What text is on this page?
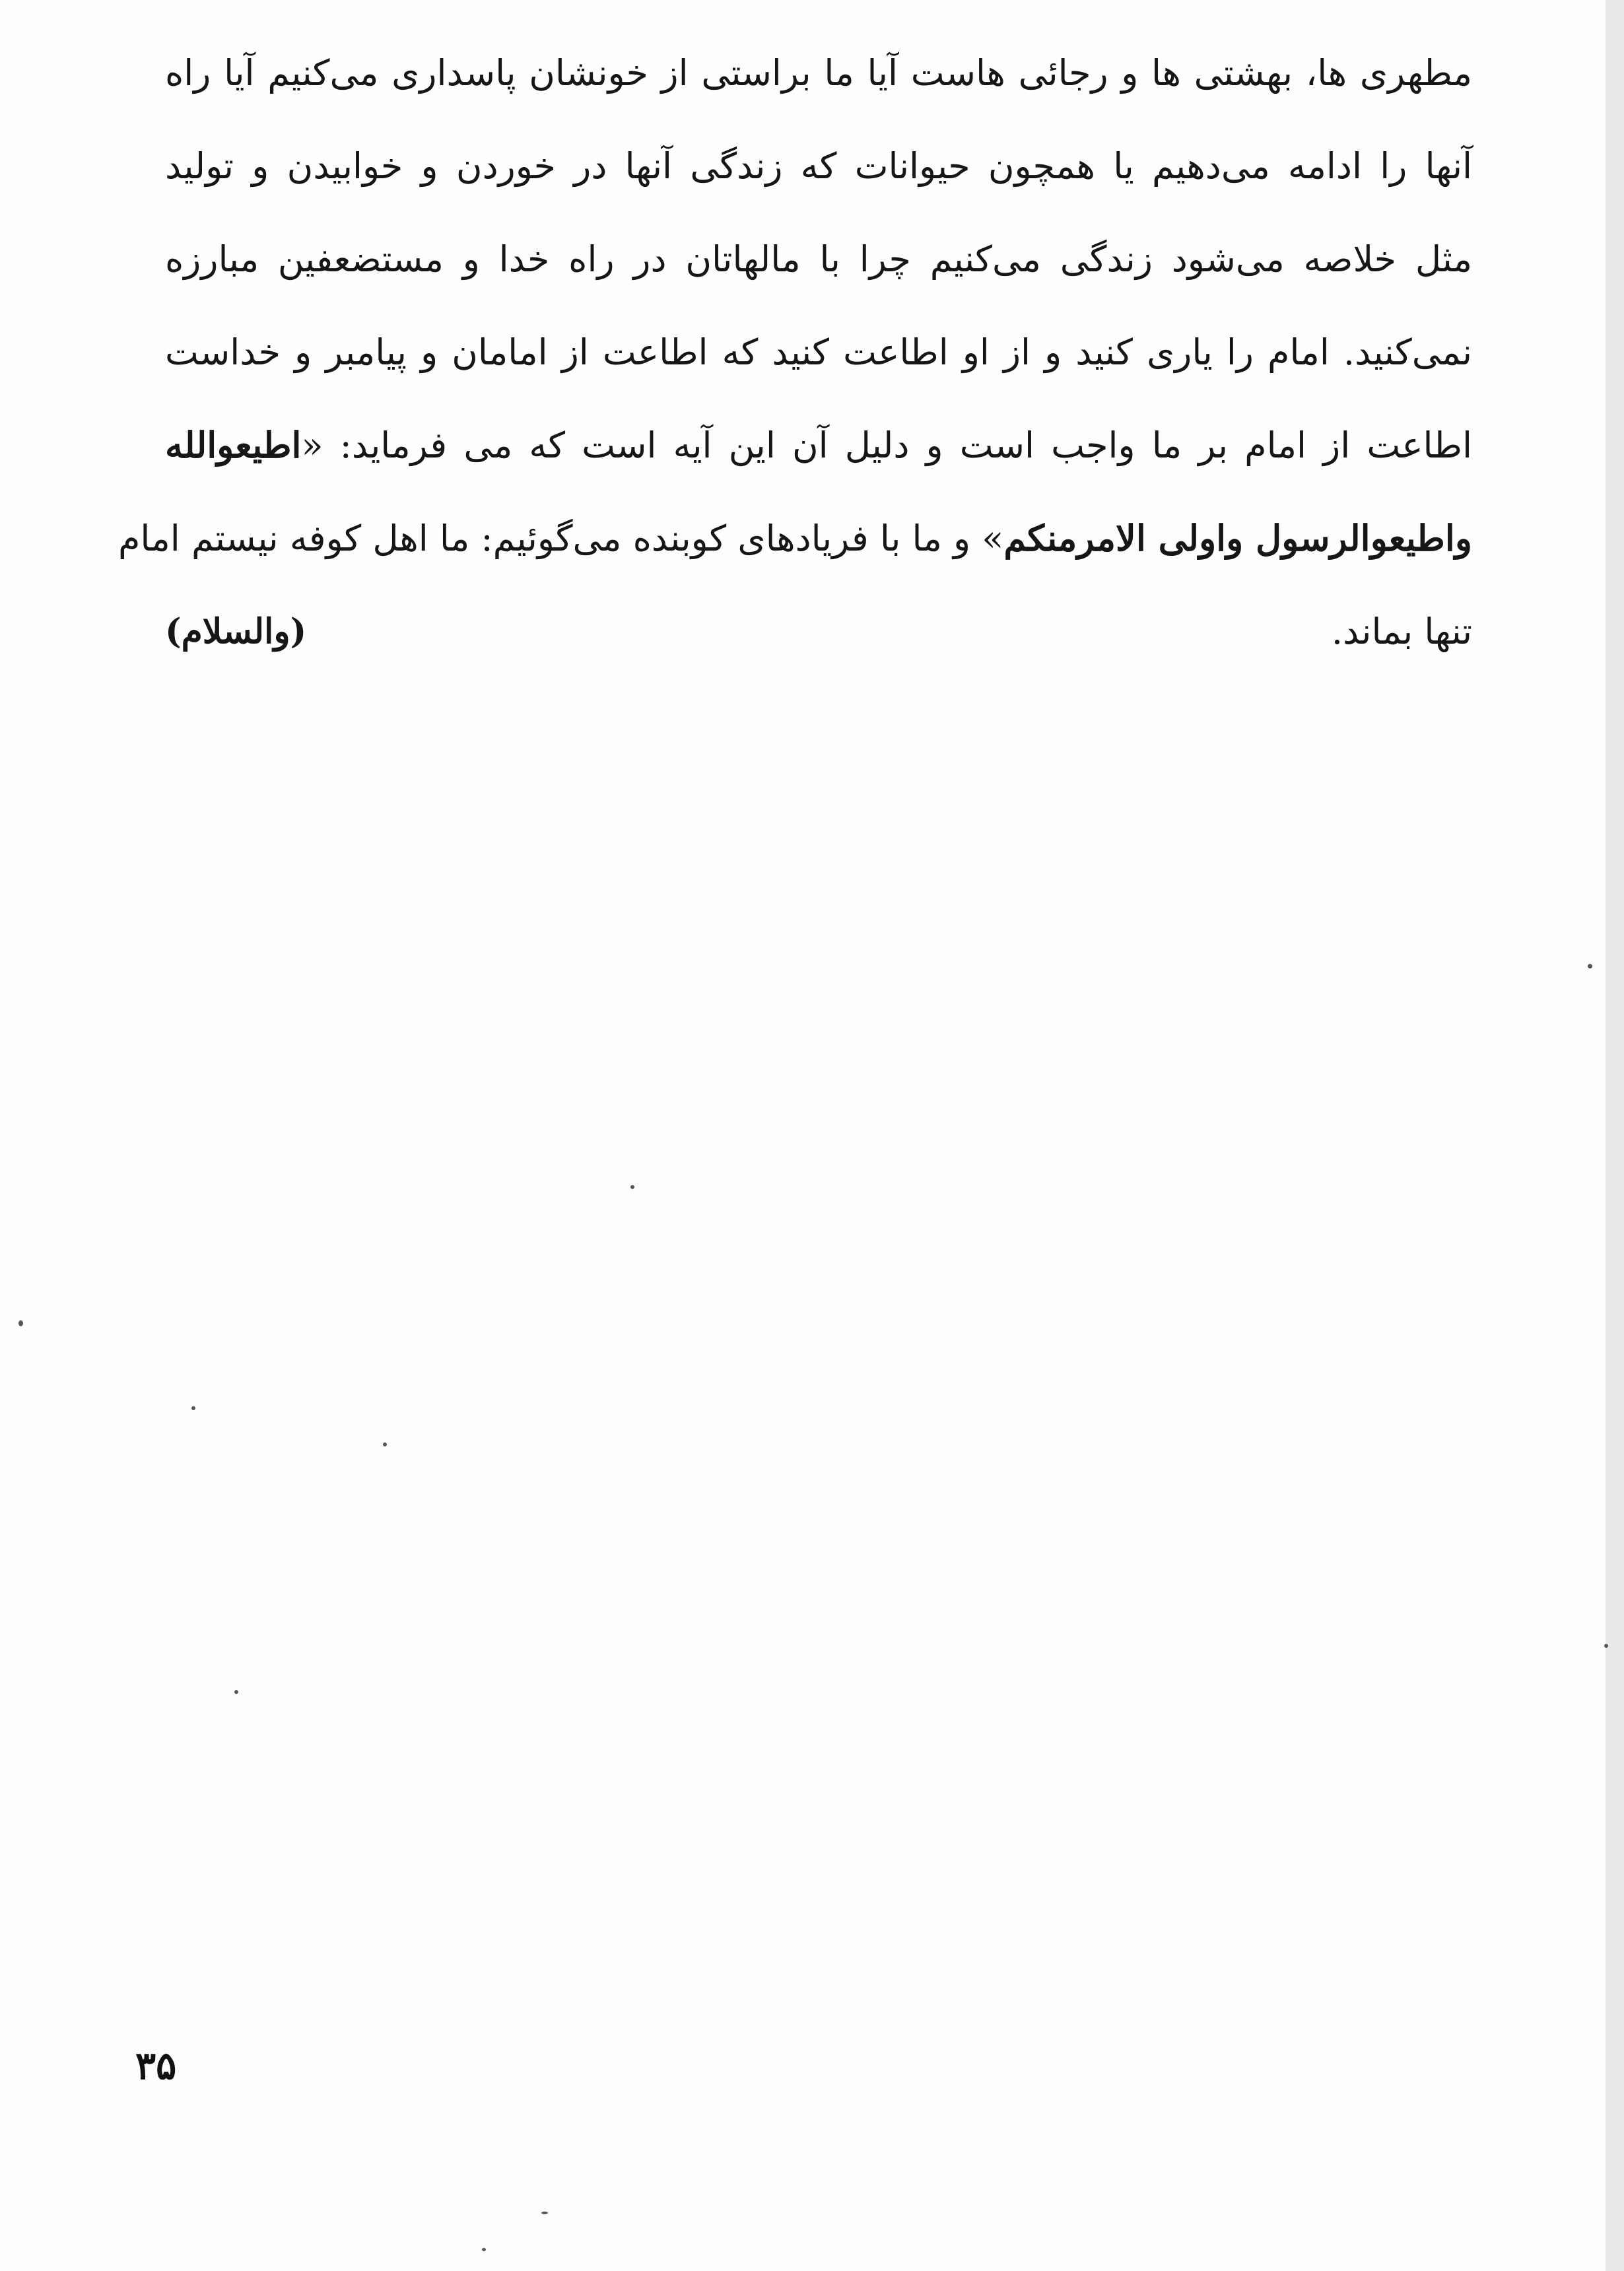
مطهری ها، بهشتی ها و رجائی هاست آیا ما براستی از خونشان پاسداری می‌کنیم آیا راه
آنها را ادامه می‌دهیم یا همچون حیوانات که زندگی آنها در خوردن و خوابیدن و تولید
مثل خلاصه می‌شود زندگی می‌کنیم چرا با مالهاتان در راه خدا و مستضعفین مبارزه
نمی‌کنید. امام را یاری کنید و از او اطاعت کنید که اطاعت از امامان و پیامبر و خداست
اطاعت از امام بر ما واجب است و دلیل آن این آیه است که می فرماید: «اطیعوالله
واطیعوالرسول واولی الامرمنکم» و ما با فریادهای کوبنده می‌گوئیم: ما اهل کوفه نیستم امام
تنها بماند.
(والسلام)
۳۵
